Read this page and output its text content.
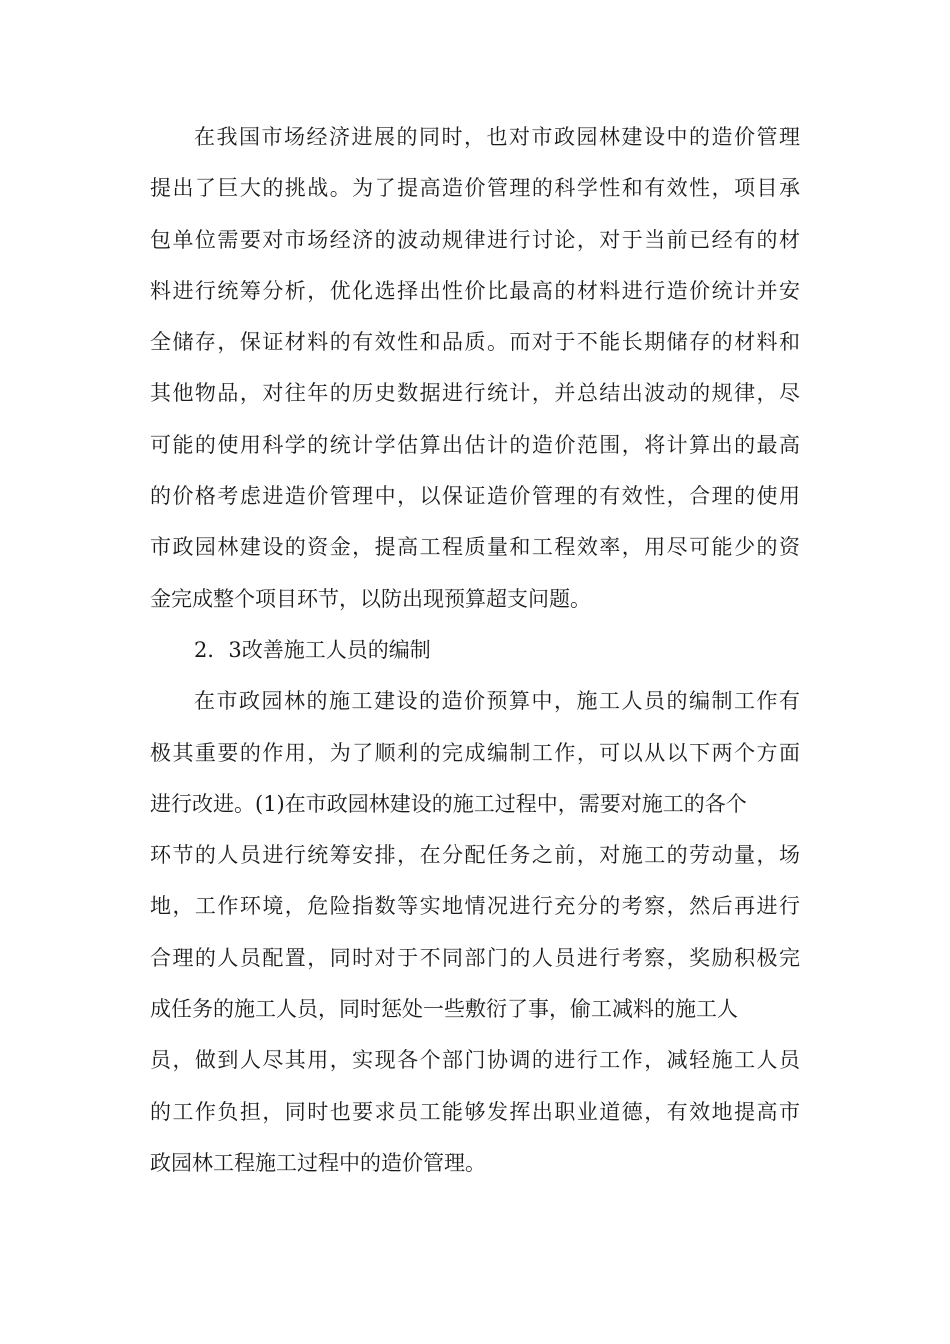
在我国市场经济进展的同时，也对市政园林建设中的造价管理
提出了巨大的挑战。为了提高造价管理的科学性和有效性，项目承
包单位需要对市场经济的波动规律进行讨论，对于当前已经有的材
料进行统筹分析，优化选择出性价比最高的材料进行造价统计并安
全储存，保证材料的有效性和品质。而对于不能长期储存的材料和
其他物品，对往年的历史数据进行统计，并总结出波动的规律，尽
可能的使用科学的统计学估算出估计的造价范围，将计算出的最高
的价格考虑进造价管理中，以保证造价管理的有效性，合理的使用
市政园林建设的资金，提高工程质量和工程效率，用尽可能少的资
金完成整个项目环节，以防出现预算超支问题。
2．3改善施工人员的编制
在市政园林的施工建设的造价预算中，施工人员的编制工作有
极其重要的作用，为了顺利的完成编制工作，可以从以下两个方面
进行改进。(1)在市政园林建设的施工过程中，需要对施工的各个
环节的人员进行统筹安排，在分配任务之前，对施工的劳动量，场
地，工作环境，危险指数等实地情况进行充分的考察，然后再进行
合理的人员配置，同时对于不同部门的人员进行考察，奖励积极完
成任务的施工人员，同时惩处一些敷衍了事，偷工减料的施工人
员，做到人尽其用，实现各个部门协调的进行工作，减轻施工人员
的工作负担，同时也要求员工能够发挥出职业道德，有效地提高市
政园林工程施工过程中的造价管理。
